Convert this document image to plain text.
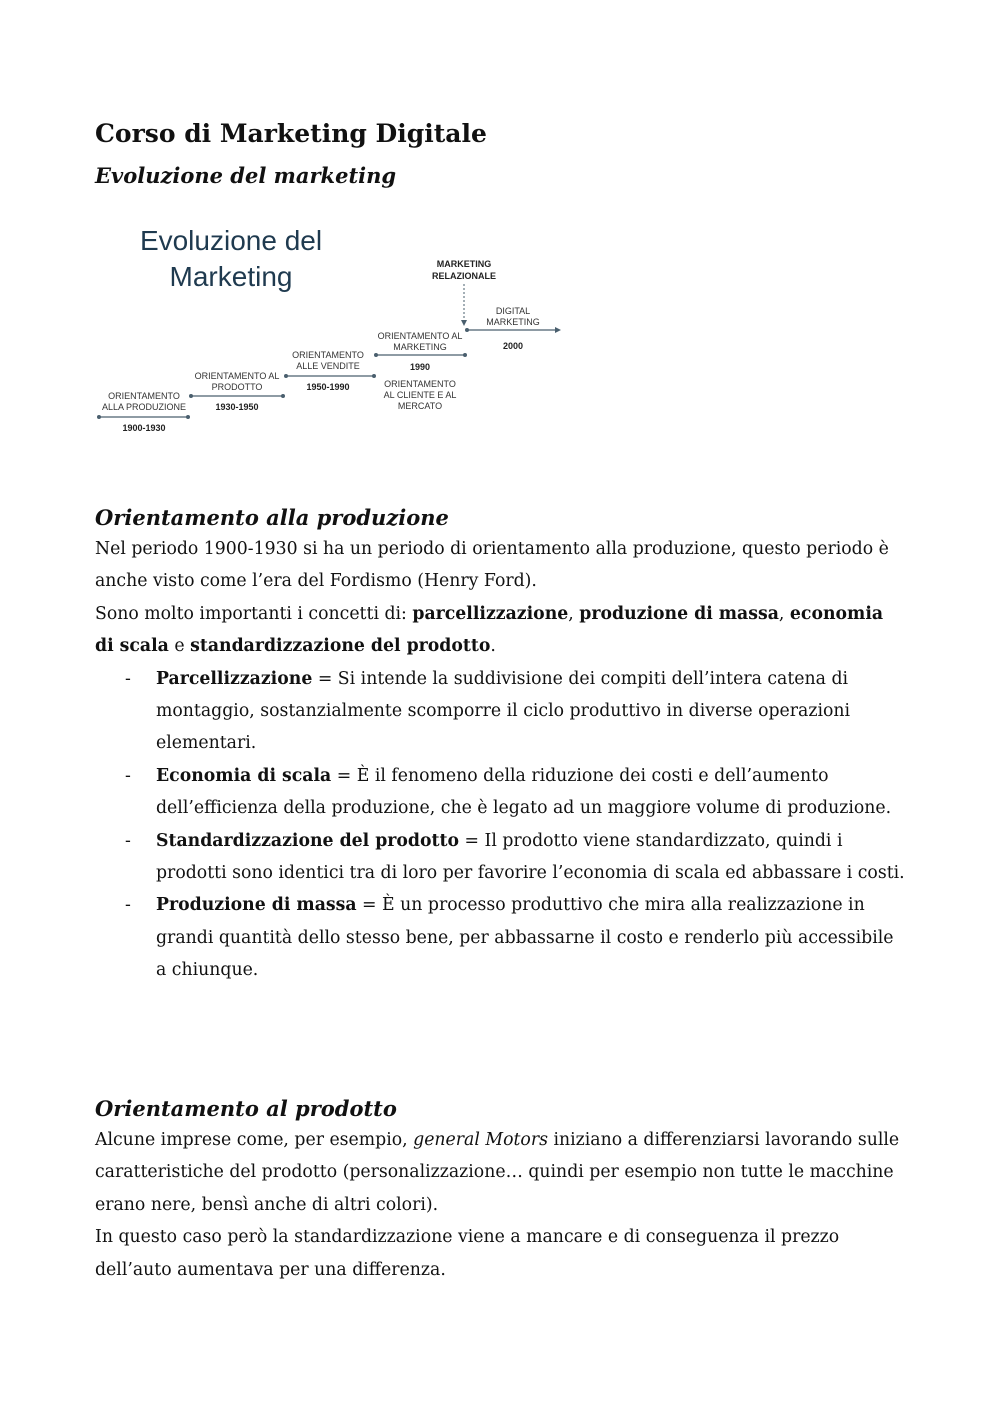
Corso di Marketing Digitale
Evoluzione del marketing
Evoluzione del
Marketing
ORIENTAMENTO
ALLA PRODUZIONE
1900-1930
ORIENTAMENTO AL
PRODOTTO
1930-1950
ORIENTAMENTO
ALLE VENDITE
1950-1990
ORIENTAMENTO AL
MARKETING
1990
ORIENTAMENTO
AL CLIENTE E AL
MERCATO
MARKETING
RELAZIONALE
DIGITAL
MARKETING
2000
Orientamento alla produzione

Nel periodo 1900-1930 si ha un periodo di orientamento alla produzione, questo periodo è anche visto come l’era del Fordismo (Henry Ford).

Sono molto importanti i concetti di: parcellizzazione, produzione di massa, economia di scala e standardizzazione del prodotto.

- Parcellizzazione = Si intende la suddivisione dei compiti dell’intera catena di montaggio, sostanzialmente scomporre il ciclo produttivo in diverse operazioni elementari.
- Economia di scala = È il fenomeno della riduzione dei costi e dell’aumento dell’efficienza della produzione, che è legato ad un maggiore volume di produzione.
- Standardizzazione del prodotto = Il prodotto viene standardizzato, quindi i prodotti sono identici tra di loro per favorire l’economia di scala ed abbassare i costi.
- Produzione di massa = È un processo produttivo che mira alla realizzazione in grandi quantità dello stesso bene, per abbassarne il costo e renderlo più accessibile a chiunque.
Orientamento al prodotto

Alcune imprese come, per esempio, general Motors iniziano a differenziarsi lavorando sulle caratteristiche del prodotto (personalizzazione… quindi per esempio non tutte le macchine erano nere, bensì anche di altri colori).

In questo caso però la standardizzazione viene a mancare e di conseguenza il prezzo dell’auto aumentava per una differenza.
